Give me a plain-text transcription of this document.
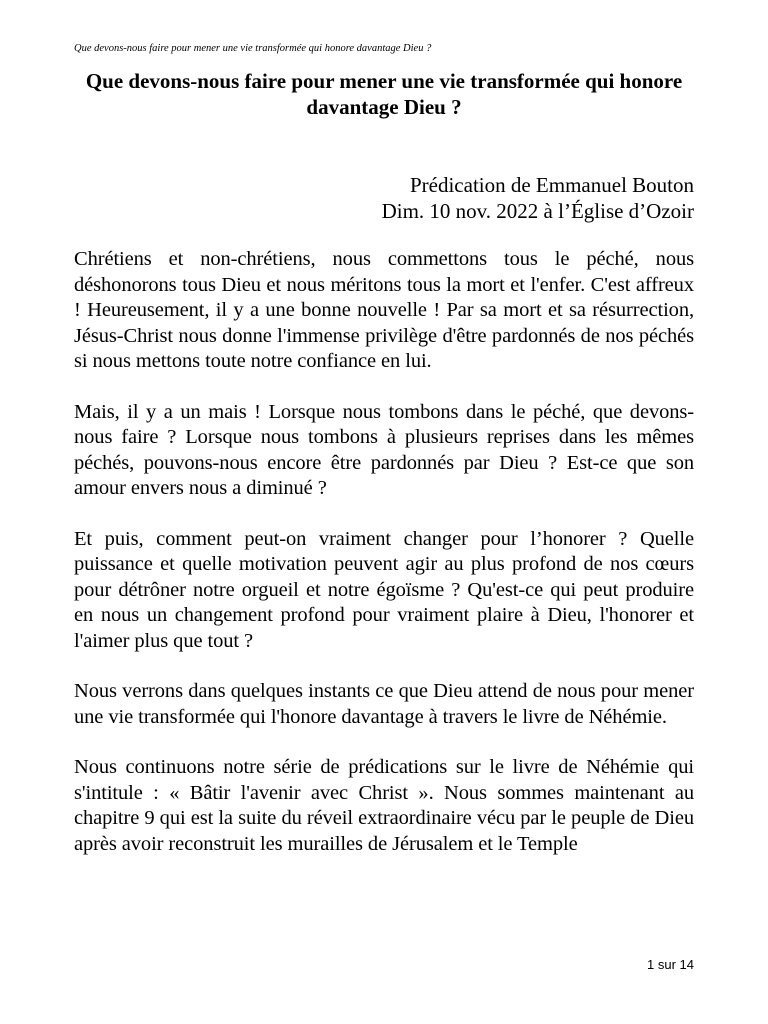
Que devons-nous faire pour mener une vie transformée qui honore davantage Dieu ?
Que devons-nous faire pour mener une vie transformée qui honore davantage Dieu ?
Prédication de Emmanuel Bouton
Dim. 10 nov. 2022 à l’Église d’Ozoir

Chrétiens et non-chrétiens, nous commettons tous le péché, nous déshonorons tous Dieu et nous méritons tous la mort et l'enfer. C'est affreux ! Heureusement, il y a une bonne nouvelle ! Par sa mort et sa résurrection, Jésus-Christ nous donne l'immense privilège d'être pardonnés de nos péchés si nous mettons toute notre confiance en lui.

Mais, il y a un mais ! Lorsque nous tombons dans le péché, que devons-nous faire ? Lorsque nous tombons à plusieurs reprises dans les mêmes péchés, pouvons-nous encore être pardonnés par Dieu ? Est-ce que son amour envers nous a diminué ?

Et puis, comment peut-on vraiment changer pour l’honorer ? Quelle puissance et quelle motivation peuvent agir au plus profond de nos cœurs pour détrôner notre orgueil et notre égoïsme ? Qu'est-ce qui peut produire en nous un changement profond pour vraiment plaire à Dieu, l'honorer et l'aimer plus que tout ?

Nous verrons dans quelques instants ce que Dieu attend de nous pour mener une vie transformée qui l'honore davantage à travers le livre de Néhémie.

Nous continuons notre série de prédications sur le livre de Néhémie qui s'intitule : « Bâtir l'avenir avec Christ ». Nous sommes maintenant au chapitre 9 qui est la suite du réveil extraordinaire vécu par le peuple de Dieu après avoir reconstruit les murailles de Jérusalem et le Temple

1 sur 14
